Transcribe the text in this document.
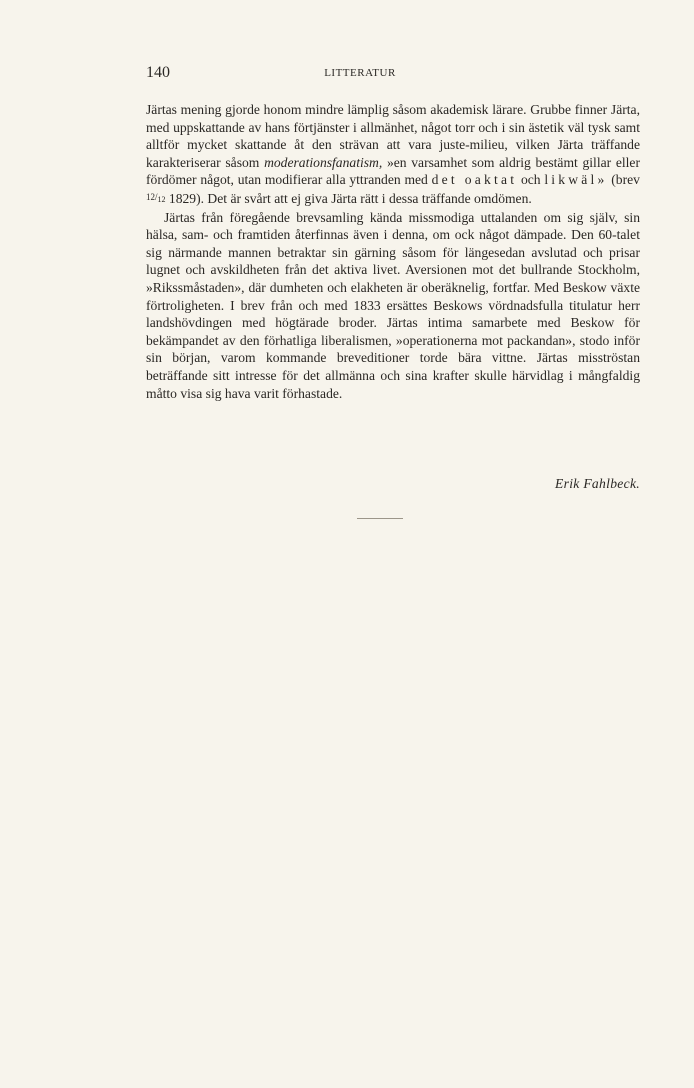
140	LITTERATUR

Järtas mening gjorde honom mindre lämplig såsom akademisk lärare. Grubbe finner Järta, med uppskattande av hans förtjänster i allmänhet, något torr och i sin ästetik väl tysk samt alltför mycket skattande åt den strävan att vara juste-milieu, vilken Järta träffande karakteriserar såsom moderationsfanatism, »en varsamhet som aldrig bestämt gillar eller fördömer något, utan modifierar alla yttranden med det oaktat och likwäl» (brev $^{12/_{12}}$ 1829). Det är svårt att ej giva Järta rätt i dessa träffande omdömen.

Järtas från föregående brevsamling kända missmodiga uttalanden om sig själv, sin hälsa, sam- och framtiden återfinnas även i denna, om ock något dämpade. Den 60-talet sig närmande mannen betraktar sin gärning såsom för längesedan avslutad och prisar lugnet och avskildheten från det aktiva livet. Aversionen mot det bullrande Stockholm, »Rikssmåstaden», där dumheten och elakheten är oberäknelig, fortfar. Med Beskow växte förtroligheten. I brev från och med 1833 ersättes Beskows vördnadsfulla titulatur herr landshövdingen med högtärade broder. Järtas intima samarbete med Beskow för bekämpandet av den förhatliga liberalismen, »operationerna mot packandan», stodo inför sin början, varom kommande breveditioner torde bära vittne. Järtas misströstan beträffande sitt intresse för det allmänna och sina krafter skulle härvidlag i mångfaldig måtto visa sig hava varit förhastade.

Erik Fahlbeck.
